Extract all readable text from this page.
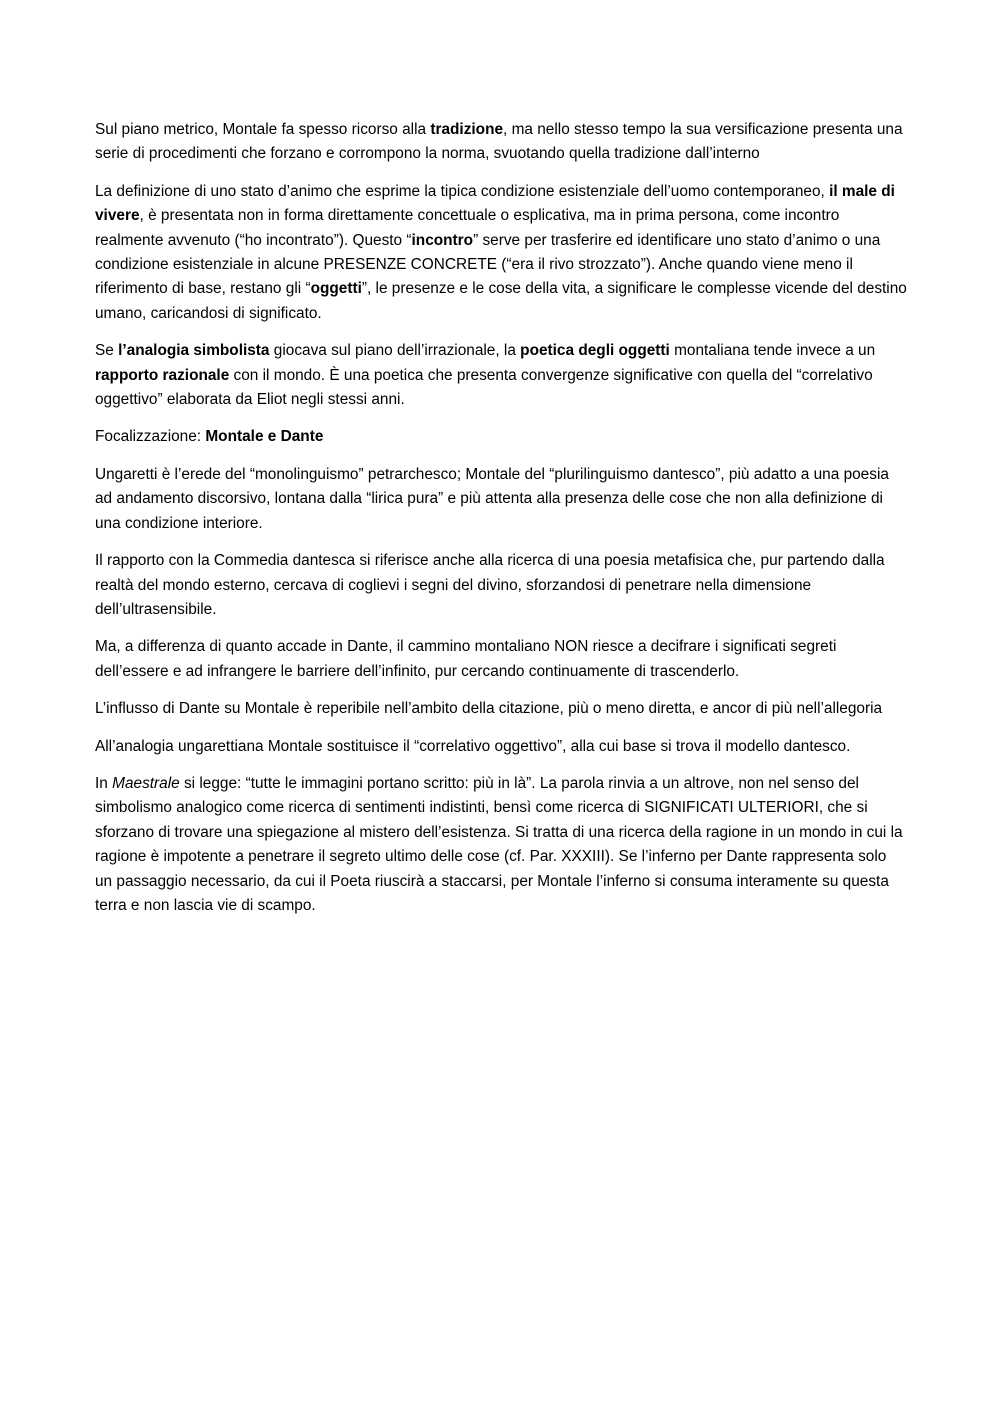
Sul piano metrico, Montale fa spesso ricorso alla tradizione, ma nello stesso tempo la sua versificazione presenta una serie di procedimenti che forzano e corrompono la norma, svuotando quella tradizione dall’interno

La definizione di uno stato d’animo che esprime la tipica condizione esistenziale dell’uomo contemporaneo, il male di vivere, è presentata non in forma direttamente concettuale o esplicativa, ma in prima persona, come incontro realmente avvenuto (“ho incontrato”). Questo “incontro” serve per trasferire ed identificare uno stato d’animo o una condizione esistenziale in alcune PRESENZE CONCRETE (“era il rivo strozzato”). Anche quando viene meno il riferimento di base, restano gli “oggetti”, le presenze e le cose della vita, a significare le complesse vicende del destino umano, caricandosi di significato.

Se l’analogia simbolista giocava sul piano dell’irrazionale, la poetica degli oggetti montaliana tende invece a un rapporto razionale con il mondo. È una poetica che presenta convergenze significative con quella del “correlativo oggettivo” elaborata da Eliot negli stessi anni.

Focalizzazione: Montale e Dante

Ungaretti è l’erede del “monolinguismo” petrarchesco; Montale del “plurilinguismo dantesco”, più adatto a una poesia ad andamento discorsivo, lontana dalla “lirica pura” e più attenta alla presenza delle cose che non alla definizione di una condizione interiore.

Il rapporto con la Commedia dantesca si riferisce anche alla ricerca di una poesia metafisica che, pur partendo dalla realtà del mondo esterno, cercava di coglievi i segni del divino, sforzandosi di penetrare nella dimensione dell’ultrasensibile.

Ma, a differenza di quanto accade in Dante, il cammino montaliano NON riesce a decifrare i significati segreti dell’essere e ad infrangere le barriere dell’infinito, pur cercando continuamente di trascenderlo.

L’influsso di Dante su Montale è reperibile nell’ambito della citazione, più o meno diretta, e ancor di più nell’allegoria

All’analogia ungarettiana Montale sostituisce il “correlativo oggettivo”, alla cui base si trova il modello dantesco.

In Maestrale si legge: “tutte le immagini portano scritto: più in là”. La parola rinvia a un altrove, non nel senso del simbolismo analogico come ricerca di sentimenti indistinti, bensì come ricerca di SIGNIFICATI ULTERIORI, che si sforzano di trovare una spiegazione al mistero dell’esistenza. Si tratta di una ricerca della ragione in un mondo in cui la ragione è impotente a penetrare il segreto ultimo delle cose (cf. Par. XXXIII). Se l’inferno per Dante rappresenta solo un passaggio necessario, da cui il Poeta riuscirà a staccarsi, per Montale l’inferno si consuma interamente su questa terra e non lascia vie di scampo.
